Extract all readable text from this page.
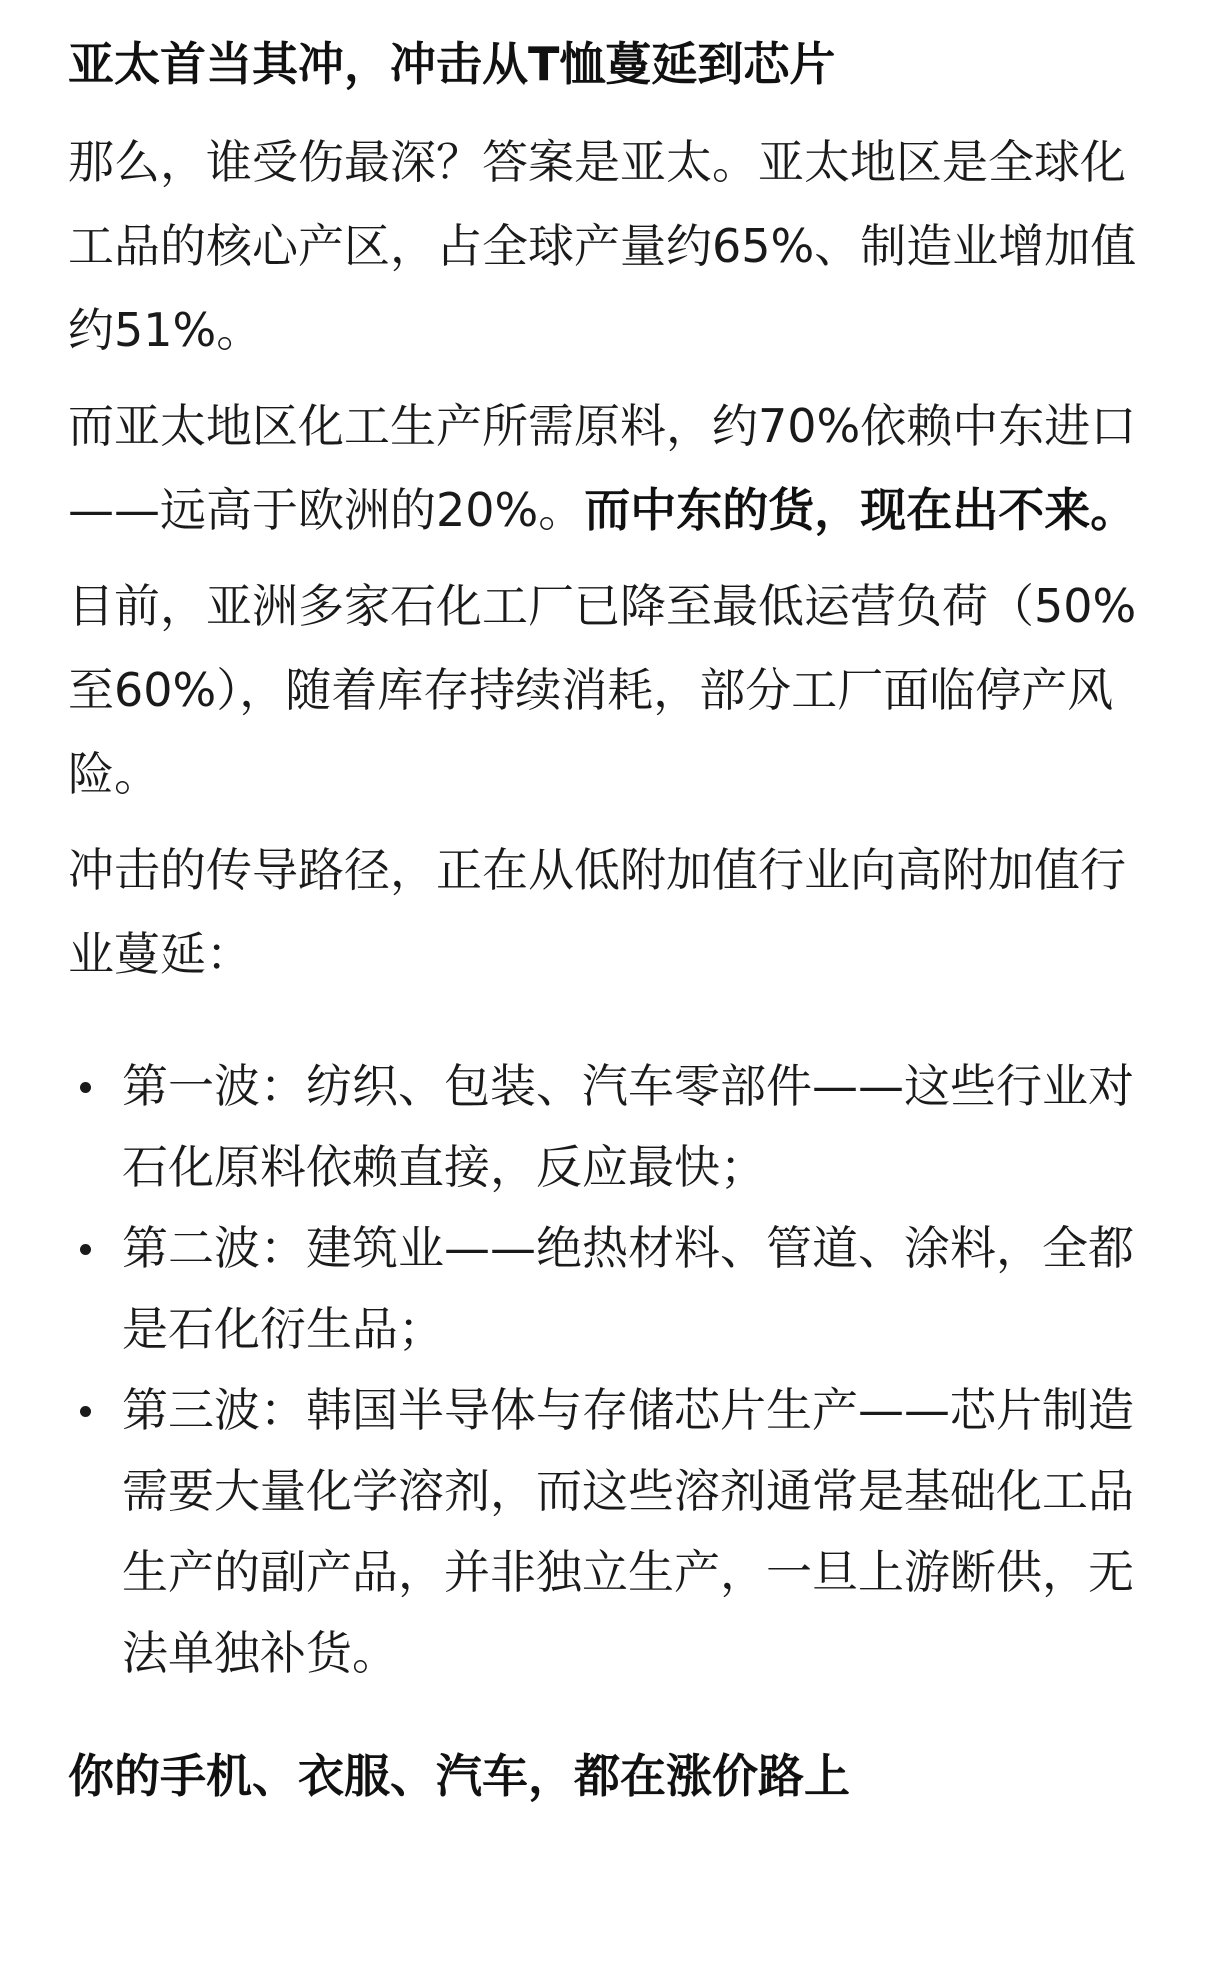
亚太首当其冲，冲击从T恤蔓延到芯片

那么，谁受伤最深？答案是亚太。亚太地区是全球化工品的核心产区，占全球产量约65%、制造业增加值约51%。

而亚太地区化工生产所需原料，约70%依赖中东进口——远高于欧洲的20%。而中东的货，现在出不来。

目前，亚洲多家石化工厂已降至最低运营负荷（50%至60%），随着库存持续消耗，部分工厂面临停产风险。

冲击的传导路径，正在从低附加值行业向高附加值行业蔓延：

第一波：纺织、包装、汽车零部件——这些行业对石化原料依赖直接，反应最快；
第二波：建筑业——绝热材料、管道、涂料，全都是石化衍生品；
第三波：韩国半导体与存储芯片生产——芯片制造需要大量化学溶剂，而这些溶剂通常是基础化工品生产的副产品，并非独立生产，一旦上游断供，无法单独补货。
你的手机、衣服、汽车，都在涨价路上
